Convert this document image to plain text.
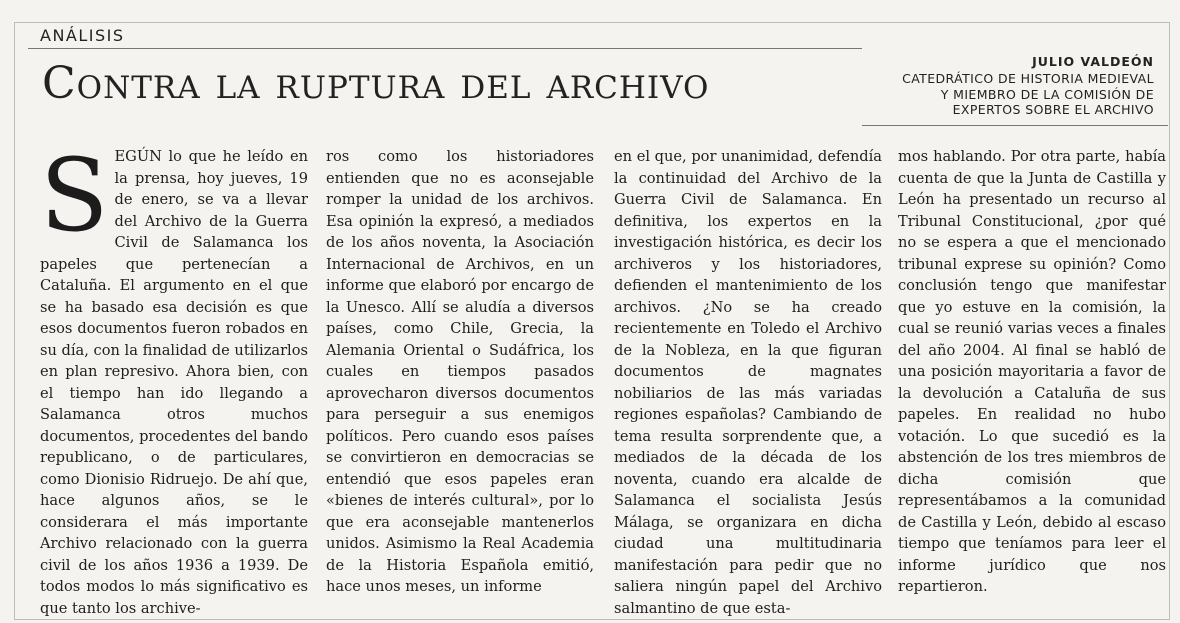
ANÁLISIS
Contra la ruptura del archivo	JULIO VALDEÓN
CATEDRÁTICO DE HISTORIA MEDIEVAL
Y MIEMBRO DE LA COMISIÓN DE
EXPERTOS SOBRE EL ARCHIVO
S EGÚN lo que he leído en la prensa, hoy jueves, 19 de enero, se va a llevar del Archivo de la Guerra Civil de Salamanca los papeles que pertenecían a Cataluña. El argumento en el que se ha basado esa decisión es que esos documentos fueron robados en su día, con la finalidad de utilizarlos en plan represivo. Ahora bien, con el tiempo han ido llegando a Salamanca otros muchos documentos, procedentes del bando republicano, o de particulares, como Dionisio Ridruejo. De ahí que, hace algunos años, se le considerara el más importante Archivo relacionado con la guerra civil de los años 1936 a 1939. De todos modos lo más significativo es que tanto los archive-

ros como los historiadores entienden que no es aconsejable romper la unidad de los archivos. Esa opinión la expresó, a mediados de los años noventa, la Asociación Internacional de Archivos, en un informe que elaboró por encargo de la Unesco. Allí se aludía a diversos países, como Chile, Grecia, la Alemania Oriental o Sudáfrica, los cuales en tiempos pasados aprovecharon diversos documentos para perseguir a sus enemigos políticos. Pero cuando esos países se convirtieron en democracias se entendió que esos papeles eran «bienes de interés cultural», por lo que era aconsejable mantenerlos unidos. Asimismo la Real Academia de la Historia Española emitió, hace unos meses, un informe

en el que, por unanimidad, defendía la continuidad del Archivo de la Guerra Civil de Salamanca. En definitiva, los expertos en la investigación histórica, es decir los archiveros y los historiadores, defienden el mantenimiento de los archivos. ¿No se ha creado recientemente en Toledo el Archivo de la Nobleza, en la que figuran documentos de magnates nobiliarios de las más variadas regiones españolas? Cambiando de tema resulta sorprendente que, a mediados de la década de los noventa, cuando era alcalde de Salamanca el socialista Jesús Málaga, se organizara en dicha ciudad una multitudinaria manifestación para pedir que no saliera ningún papel del Archivo salmantino de que esta-

mos hablando. Por otra parte, había cuenta de que la Junta de Castilla y León ha presentado un recurso al Tribunal Constitucional, ¿por qué no se espera a que el mencionado tribunal exprese su opinión? Como conclusión tengo que manifestar que yo estuve en la comisión, la cual se reunió varias veces a finales del año 2004. Al final se habló de una posición mayoritaria a favor de la devolución a Cataluña de sus papeles. En realidad no hubo votación. Lo que sucedió es la abstención de los tres miembros de dicha comisión que representábamos a la comunidad de Castilla y León, debido al escaso tiempo que teníamos para leer el informe jurídico que nos repartieron.
